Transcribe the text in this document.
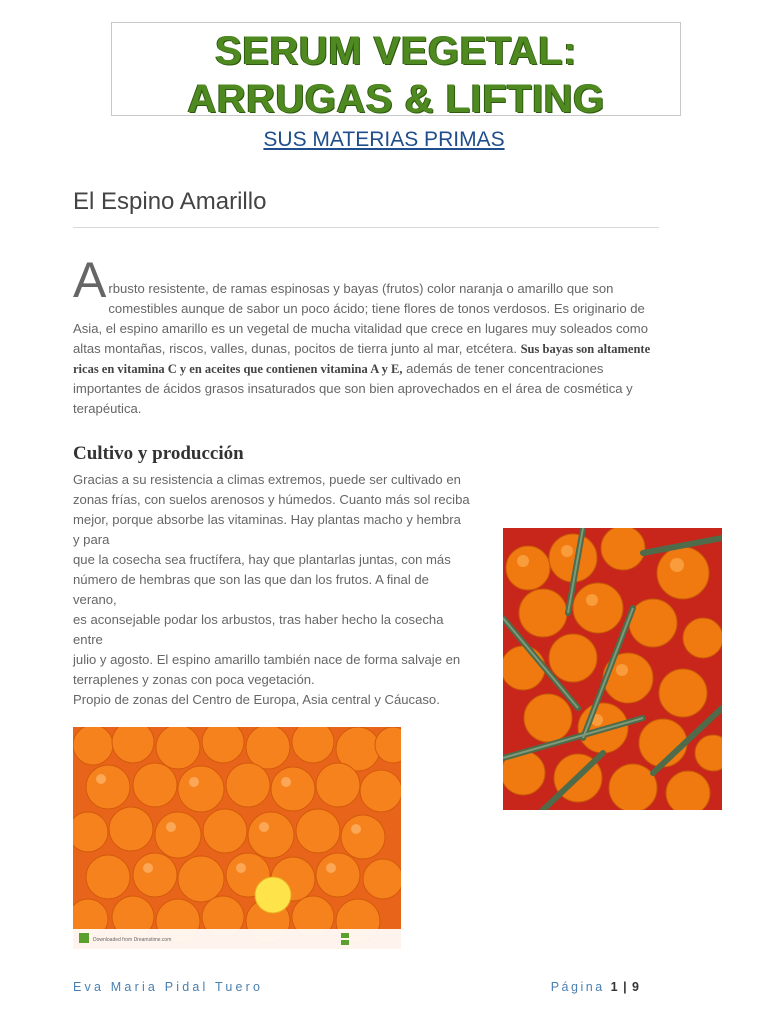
SERUM VEGETAL:
ARRUGAS & LIFTING
SUS MATERIAS PRIMAS
El Espino Amarillo
A rbusto resistente, de ramas espinosas y bayas (frutos) color naranja o amarillo que son
comestibles aunque de sabor un poco ácido; tiene flores de tonos verdosos. Es originario de Asia, el espino amarillo es un vegetal de mucha vitalidad que crece en lugares muy soleados como altas montañas, riscos, valles, dunas, pocitos de tierra junto al mar, etcétera. Sus bayas son altamente ricas en vitamina C y en aceites que contienen vitamina A y E, además de tener concentraciones importantes de ácidos grasos insaturados que son bien aprovechados en el área de cosmética y terapéutica.
Cultivo y producción
Gracias a su resistencia a climas extremos, puede ser cultivado en
zonas frías, con suelos arenosos y húmedos. Cuanto más sol reciba
mejor, porque absorbe las vitaminas. Hay plantas macho y hembra
y para
que la cosecha sea fructífera, hay que plantarlas juntas, con más
número de hembras que son las que dan los frutos. A final de
verano,
es aconsejable podar los arbustos, tras haber hecho la cosecha
entre
julio y agosto. El espino amarillo también nace de forma salvaje en
terraplenes y zonas con poca vegetación.
Propio de zonas del Centro de Europa, Asia central y Cáucaso.
Downloaded from Dreamstime.com
Eva Maria Pidal Tuero	Página 1 | 9
